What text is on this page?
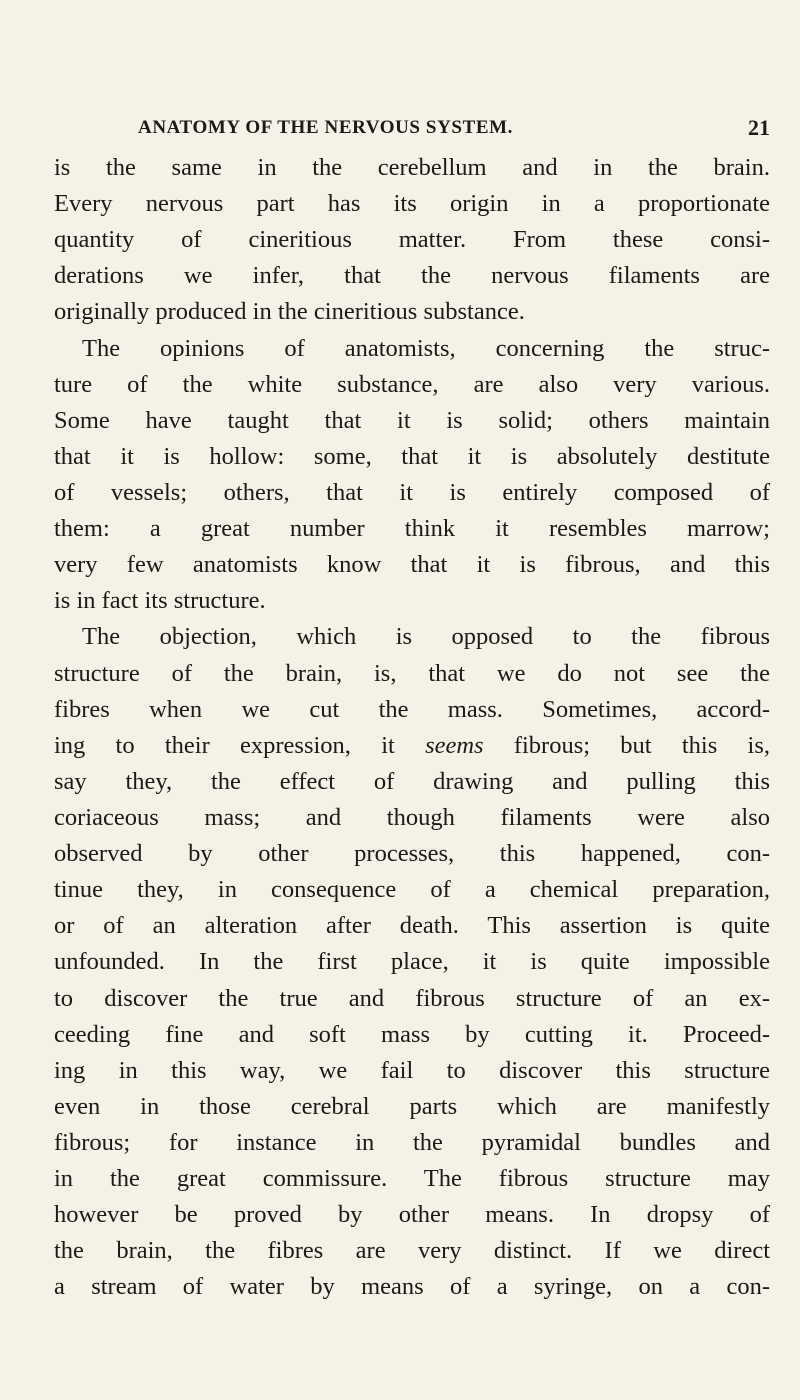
ANATOMY OF THE NERVOUS SYSTEM.	21
is the same in the cerebellum and in the brain.
Every nervous part has its origin in a proportionate
quantity of cineritious matter. From these consi-
derations we infer, that the nervous filaments are
originally produced in the cineritious substance.
The opinions of anatomists, concerning the struc-
ture of the white substance, are also very various.
Some have taught that it is solid; others maintain
that it is hollow: some, that it is absolutely destitute
of vessels; others, that it is entirely composed of
them: a great number think it resembles marrow;
very few anatomists know that it is fibrous, and this
is in fact its structure.
The objection, which is opposed to the fibrous
structure of the brain, is, that we do not see the
fibres when we cut the mass. Sometimes, accord-
ing to their expression, it seems fibrous; but this is,
say they, the effect of drawing and pulling this
coriaceous mass; and though filaments were also
observed by other processes, this happened, con-
tinue they, in consequence of a chemical preparation,
or of an alteration after death. This assertion is quite
unfounded. In the first place, it is quite impossible
to discover the true and fibrous structure of an ex-
ceeding fine and soft mass by cutting it. Proceed-
ing in this way, we fail to discover this structure
even in those cerebral parts which are manifestly
fibrous; for instance in the pyramidal bundles and
in the great commissure. The fibrous structure may
however be proved by other means. In dropsy of
the brain, the fibres are very distinct. If we direct
a stream of water by means of a syringe, on a con-
